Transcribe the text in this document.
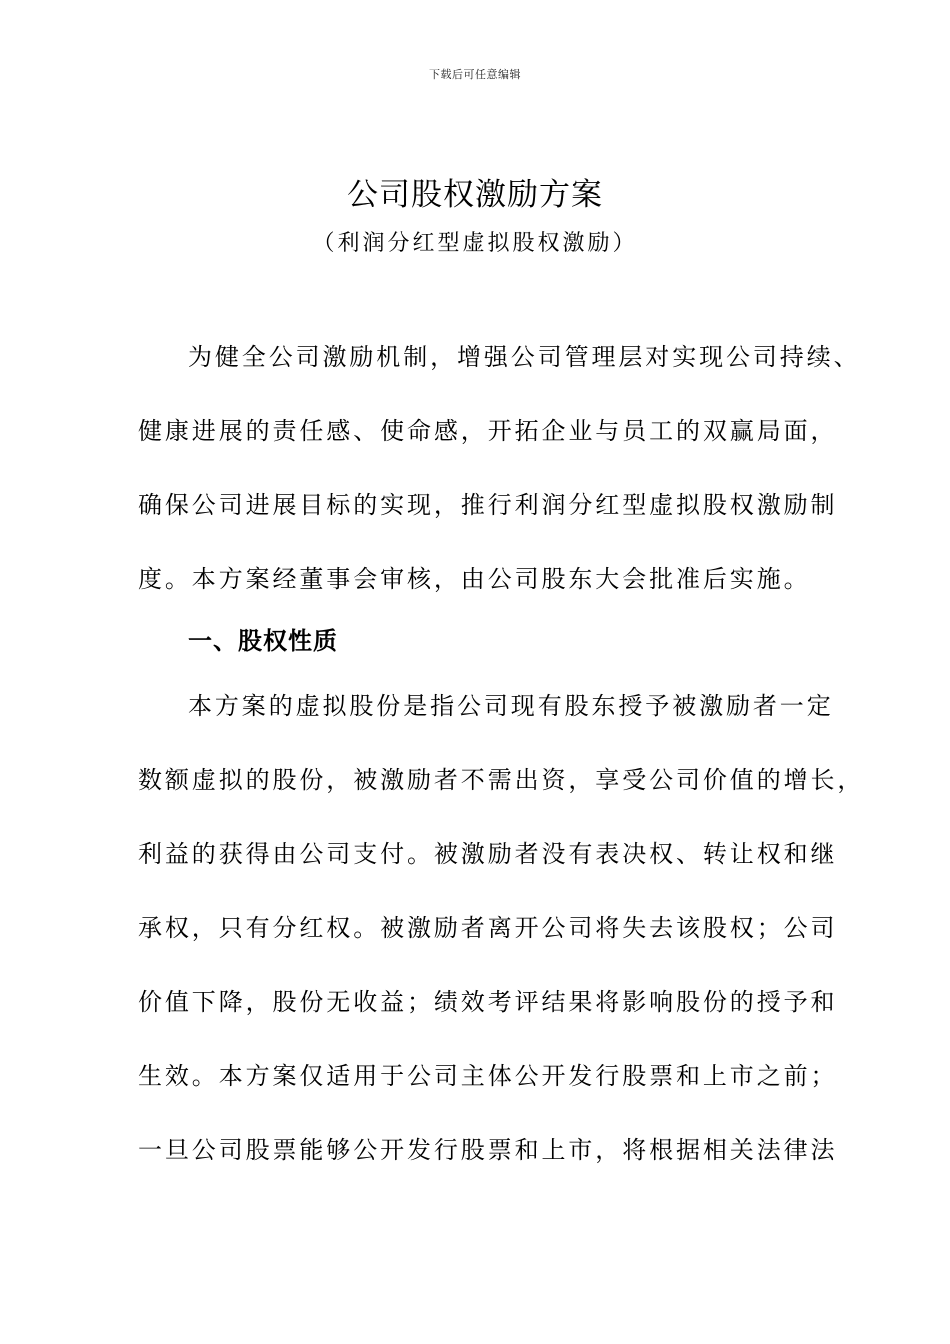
下载后可任意编辑
公司股权激励方案
（利润分红型虚拟股权激励）
为健全公司激励机制，增强公司管理层对实现公司持续、
健康进展的责任感、使命感，开拓企业与员工的双赢局面，
确保公司进展目标的实现，推行利润分红型虚拟股权激励制
度。本方案经董事会审核，由公司股东大会批准后实施。
一、股权性质
本方案的虚拟股份是指公司现有股东授予被激励者一定
数额虚拟的股份，被激励者不需出资，享受公司价值的增长，
利益的获得由公司支付。被激励者没有表决权、转让权和继
承权，只有分红权。被激励者离开公司将失去该股权；公司
价值下降，股份无收益；绩效考评结果将影响股份的授予和
生效。本方案仅适用于公司主体公开发行股票和上市之前；
一旦公司股票能够公开发行股票和上市，将根据相关法律法
